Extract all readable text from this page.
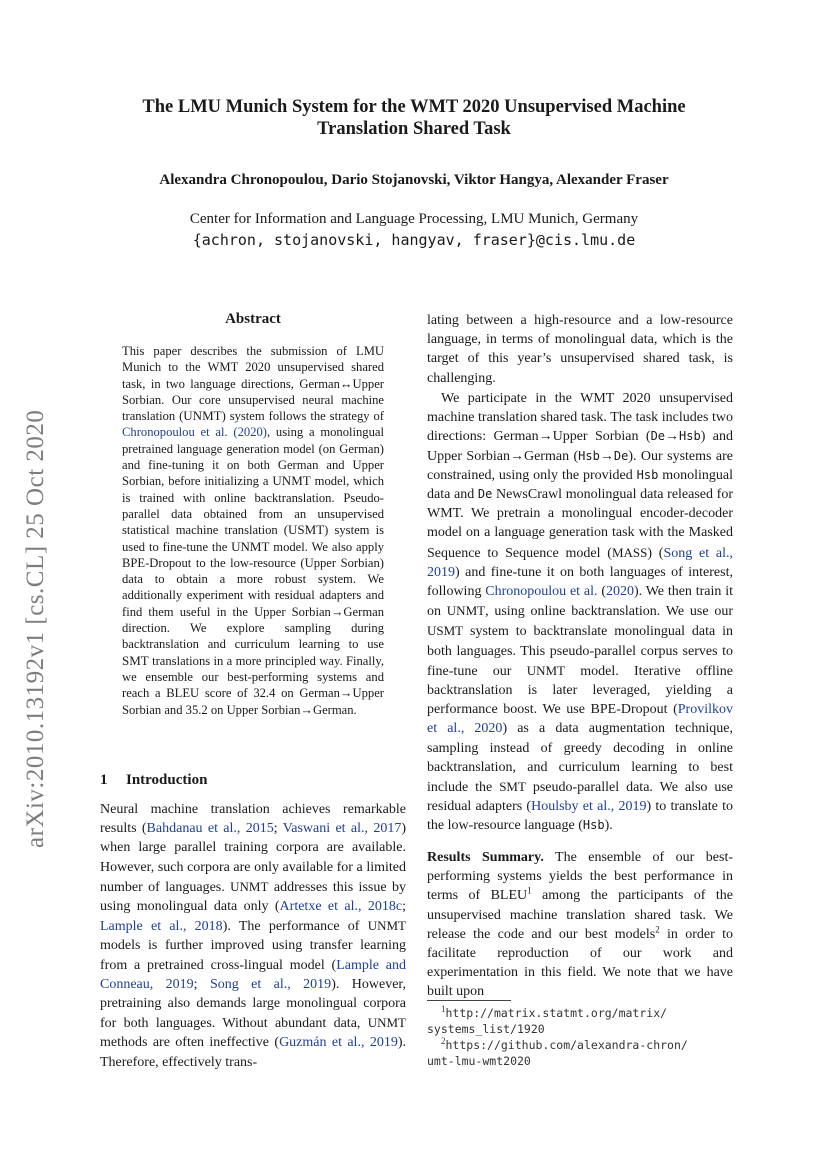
arXiv:2010.13192v1 [cs.CL] 25 Oct 2020
The LMU Munich System for the WMT 2020 Unsupervised Machine
Translation Shared Task
Alexandra Chronopoulou, Dario Stojanovski, Viktor Hangya, Alexander Fraser
Center for Information and Language Processing, LMU Munich, Germany
{achron, stojanovski, hangyav, fraser}@cis.lmu.de
Abstract
This paper describes the submission of LMU Munich to the WMT 2020 unsupervised shared task, in two language directions, German↔Upper Sorbian. Our core unsupervised neural machine translation (UNMT) system follows the strategy of Chronopoulou et al. (2020), using a monolingual pretrained language generation model (on German) and fine-tuning it on both German and Upper Sorbian, before initializing a UNMT model, which is trained with online backtranslation. Pseudo-parallel data obtained from an unsupervised statistical machine translation (USMT) system is used to fine-tune the UNMT model. We also apply BPE-Dropout to the low-resource (Upper Sorbian) data to obtain a more robust system. We additionally experiment with residual adapters and find them useful in the Upper Sorbian→German direction. We explore sampling during backtranslation and curriculum learning to use SMT translations in a more principled way. Finally, we ensemble our best-performing systems and reach a BLEU score of 32.4 on German→Upper Sorbian and 35.2 on Upper Sorbian→German.
1 Introduction
Neural machine translation achieves remarkable results (Bahdanau et al., 2015; Vaswani et al., 2017) when large parallel training corpora are available. However, such corpora are only available for a limited number of languages. UNMT addresses this issue by using monolingual data only (Artetxe et al., 2018c; Lample et al., 2018). The performance of UNMT models is further improved using transfer learning from a pretrained cross-lingual model (Lample and Conneau, 2019; Song et al., 2019). However, pretraining also demands large monolingual corpora for both languages. Without abundant data, UNMT methods are often ineffective (Guzmán et al., 2019). Therefore, effectively trans-
lating between a high-resource and a low-resource language, in terms of monolingual data, which is the target of this year’s unsupervised shared task, is challenging.
We participate in the WMT 2020 unsupervised machine translation shared task. The task includes two directions: German→Upper Sorbian (De→Hsb) and Upper Sorbian→German (Hsb→De). Our systems are constrained, using only the provided Hsb monolingual data and De NewsCrawl monolingual data released for WMT. We pretrain a monolingual encoder-decoder model on a language generation task with the Masked Sequence to Sequence model (MASS) (Song et al., 2019) and fine-tune it on both languages of interest, following Chronopoulou et al. (2020). We then train it on UNMT, using online backtranslation. We use our USMT system to backtranslate monolingual data in both languages. This pseudo-parallel corpus serves to fine-tune our UNMT model. Iterative offline backtranslation is later leveraged, yielding a performance boost. We use BPE-Dropout (Provilkov et al., 2020) as a data augmentation technique, sampling instead of greedy decoding in online backtranslation, and curriculum learning to best include the SMT pseudo-parallel data. We also use residual adapters (Houlsby et al., 2019) to translate to the low-resource language (Hsb).
Results Summary. The ensemble of our best-performing systems yields the best performance in terms of BLEU$^1$ among the participants of the unsupervised machine translation shared task. We release the code and our best models$^2$ in order to facilitate reproduction of our work and experimentation in this field. We note that we have built upon
$^1$http://matrix.statmt.org/matrix/
systems_list/1920
$^2$https://github.com/alexandra-chron/
umt-lmu-wmt2020
